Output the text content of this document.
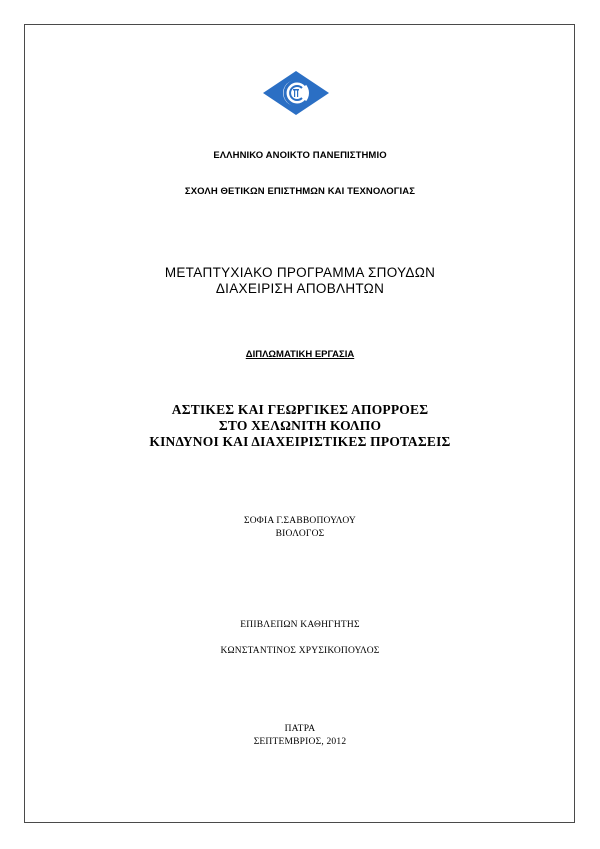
ΕΛΛΗΝΙΚΟ ΑΝΟΙΚΤΟ ΠΑΝΕΠΙΣΤΗΜΙΟ
ΣΧΟΛΗ ΘΕΤΙΚΩΝ ΕΠΙΣΤΗΜΩΝ ΚΑΙ ΤΕΧΝΟΛΟΓΙΑΣ
ΜΕΤΑΠΤΥΧΙΑΚΟ ΠΡΟΓΡΑΜΜΑ ΣΠΟΥΔΩΝ
ΔΙΑΧΕΙΡΙΣΗ ΑΠΟΒΛΗΤΩΝ
ΔΙΠΛΩΜΑΤΙΚΗ ΕΡΓΑΣΙΑ
ΑΣΤΙΚΕΣ ΚΑΙ ΓΕΩΡΓΙΚΕΣ ΑΠΟΡΡΟΕΣ
ΣΤΟ ΧΕΛΩΝΙΤΗ ΚΟΛΠΟ
ΚΙΝΔΥΝΟΙ ΚΑΙ ΔΙΑΧΕΙΡΙΣΤΙΚΕΣ ΠΡΟΤΑΣΕΙΣ
ΣΟΦΙΑ Γ.ΣΑΒΒΟΠΟΥΛΟΥ
ΒΙΟΛΟΓΟΣ
ΕΠΙΒΛΕΠΩΝ ΚΑΘΗΓΗΤΗΣ
ΚΩΝΣΤΑΝΤΙΝΟΣ ΧΡΥΣΙΚΟΠΟΥΛΟΣ
ΠΑΤΡΑ
ΣΕΠΤΕΜΒΡΙΟΣ, 2012
